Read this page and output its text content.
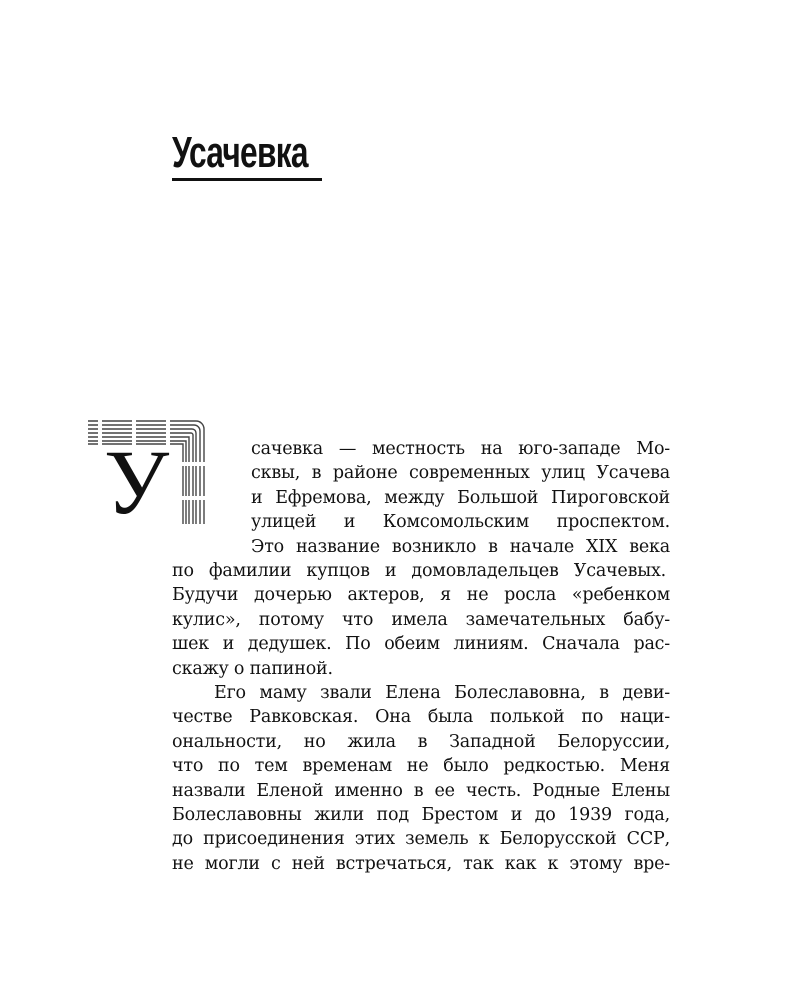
Усачевка
У	сачевка — местность на юго-западе Мо-
сквы, в районе современных улиц Усачева
и Ефремова, между Большой Пироговской
улицей и Комсомольским проспектом.
Это название возникло в начале XIX века
по фамилии купцов и домовладельцев Усачевых.
Будучи дочерью актеров, я не росла «ребенком
кулис», потому что имела замечательных бабу-
шек и дедушек. По обеим линиям. Сначала рас-
скажу о папиной.
Его маму звали Елена Болеславовна, в деви-
честве Равковская. Она была полькой по наци-
ональности, но жила в Западной Белоруссии,
что по тем временам не было редкостью. Меня
назвали Еленой именно в ее честь. Родные Елены
Болеславовны жили под Брестом и до 1939 года,
до присоединения этих земель к Белорусской ССР,
не могли с ней встречаться, так как к этому вре-
